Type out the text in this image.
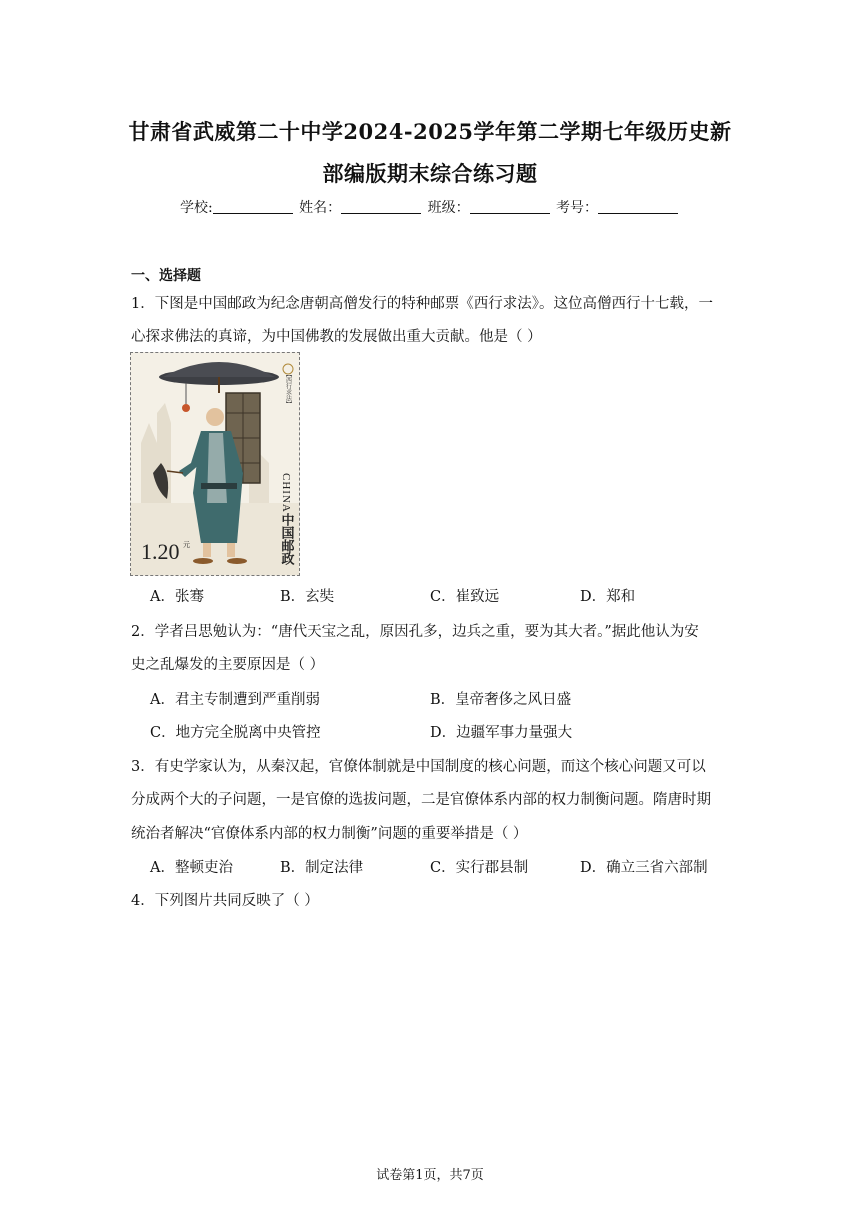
甘肃省武威第二十中学2024-2025学年第二学期七年级历史新
部编版期末综合练习题
学校:	姓名：	班级：	考号：
一、选择题
1．下图是中国邮政为纪念唐朝高僧发行的特种邮票《西行求法》。这位高僧西行十七载，一
心探求佛法的真谛，为中国佛教的发展做出重大贡献。他是（ ）
【西行求法】
CHINA
中国邮政
1.20 元
A．张骞	B．玄奘	C．崔致远	D．郑和
2．学者吕思勉认为：“唐代天宝之乱，原因孔多，边兵之重，要为其大者。”据此他认为安
史之乱爆发的主要原因是（ ）
A．君主专制遭到严重削弱	B．皇帝奢侈之风日盛
C．地方完全脱离中央管控	D．边疆军事力量强大
3．有史学家认为，从秦汉起，官僚体制就是中国制度的核心问题，而这个核心问题又可以
分成两个大的子问题，一是官僚的选拔问题，二是官僚体系内部的权力制衡问题。隋唐时期
统治者解决“官僚体系内部的权力制衡”问题的重要举措是（ ）
A．整顿吏治	B．制定法律	C．实行郡县制	D．确立三省六部制
4．下列图片共同反映了（ ）
试卷第1页，共7页
